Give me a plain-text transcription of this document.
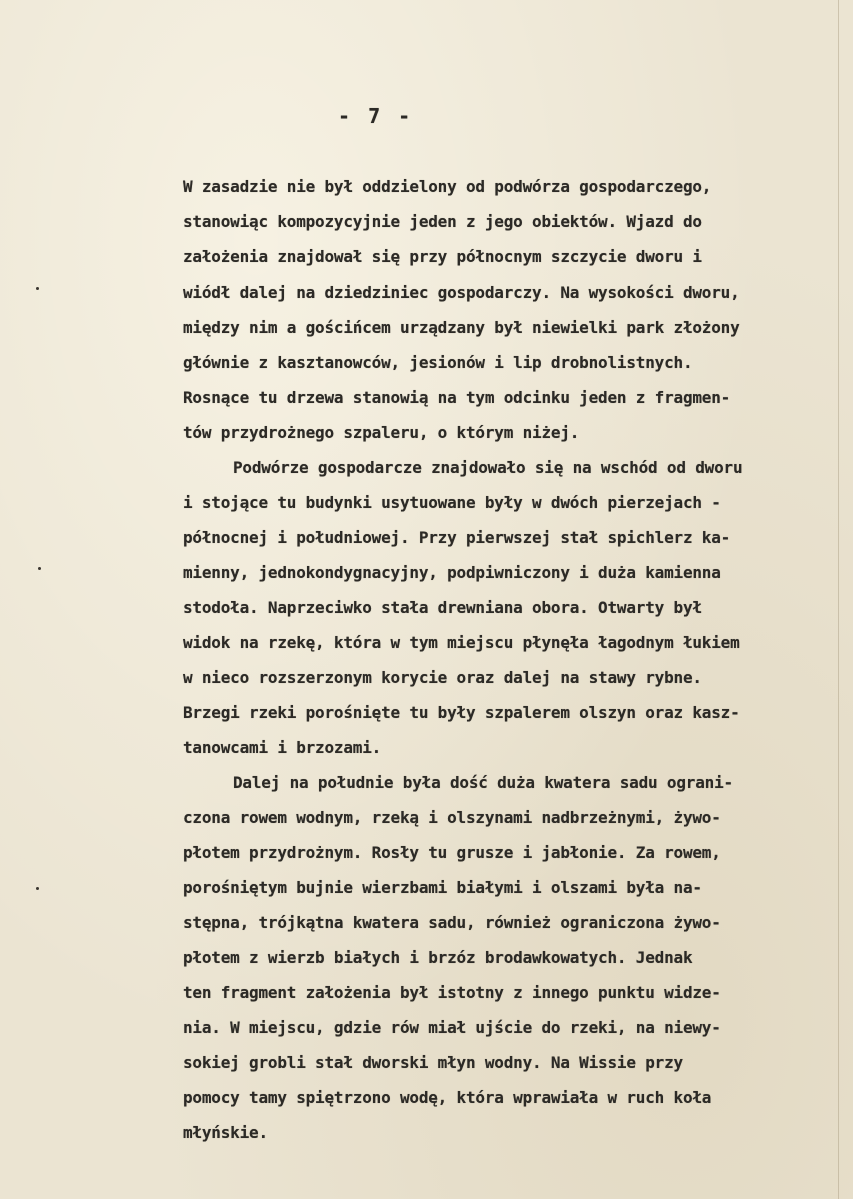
- 7 -
W zasadzie nie był oddzielony od podwórza gospodarczego,
stanowiąc kompozycyjnie jeden z jego obiektów. Wjazd do
założenia znajdował się przy północnym szczycie dworu i
wiódł dalej na dziedziniec gospodarczy. Na wysokości dworu,
między nim a gościńcem urządzany był niewielki park złożony
głównie z kasztanowców, jesionów i lip drobnolistnych.
Rosnące tu drzewa stanowią na tym odcinku jeden z fragmen-
tów przydrożnego szpaleru, o którym niżej.
Podwórze gospodarcze znajdowało się na wschód od dworu
i stojące tu budynki usytuowane były w dwóch pierzejach -
północnej i południowej. Przy pierwszej stał spichlerz ka-
mienny, jednokondygnacyjny, podpiwniczony i duża kamienna
stodoła. Naprzeciwko stała drewniana obora. Otwarty był
widok na rzekę, która w tym miejscu płynęła łagodnym łukiem
w nieco rozszerzonym korycie oraz dalej na stawy rybne.
Brzegi rzeki porośnięte tu były szpalerem olszyn oraz kasz-
tanowcami i brzozami.
Dalej na południe była dość duża kwatera sadu ograni-
czona rowem wodnym, rzeką i olszynami nadbrzeżnymi, żywo-
płotem przydrożnym. Rosły tu grusze i jabłonie. Za rowem,
porośniętym bujnie wierzbami białymi i olszami była na-
stępna, trójkątna kwatera sadu, również ograniczona żywo-
płotem z wierzb białych i brzóz brodawkowatych. Jednak
ten fragment założenia był istotny z innego punktu widze-
nia. W miejscu, gdzie rów miał ujście do rzeki, na niewy-
sokiej grobli stał dworski młyn wodny. Na Wissie przy
pomocy tamy spiętrzono wodę, która wprawiała w ruch koła
młyńskie.
